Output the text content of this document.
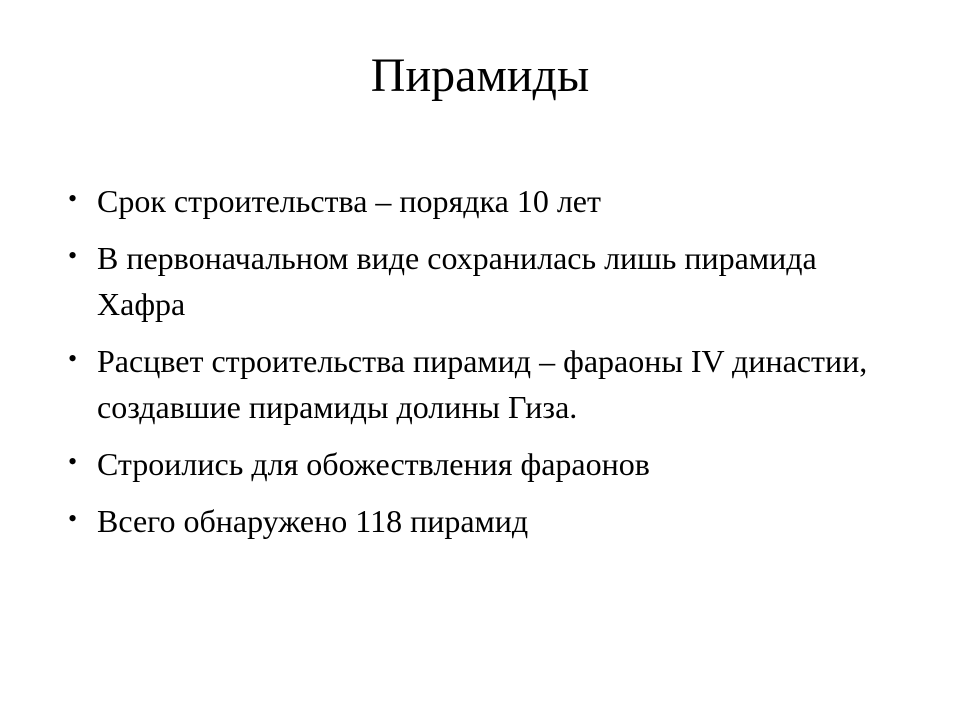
Пирамиды
• Срок строительства – порядка 10 лет
• В первоначальном виде сохранилась лишь пирамида Хафра
• Расцвет строительства пирамид – фараоны IV династии, создавшие пирамиды долины Гиза.
• Строились для обожествления фараонов
• Всего обнаружено 118 пирамид
